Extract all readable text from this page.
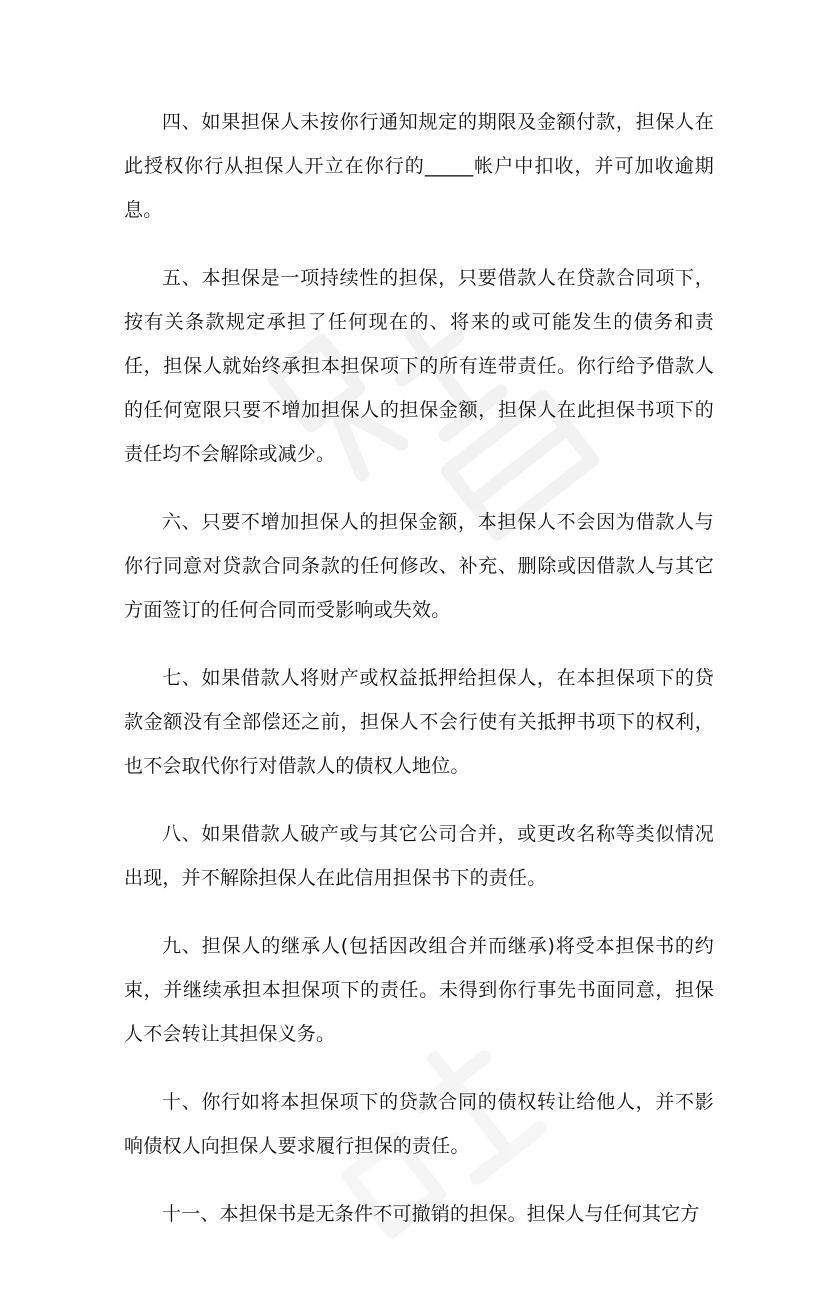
四、如果担保人未按你行通知规定的期限及金额付款，担保人在此授权你行从担保人开立在你行的_____帐户中扣收，并可加收逾期息。

五、本担保是一项持续性的担保，只要借款人在贷款合同项下，按有关条款规定承担了任何现在的、将来的或可能发生的债务和责任，担保人就始终承担本担保项下的所有连带责任。你行给予借款人的任何宽限只要不增加担保人的担保金额，担保人在此担保书项下的责任均不会解除或减少。

六、只要不增加担保人的担保金额，本担保人不会因为借款人与你行同意对贷款合同条款的任何修改、补充、删除或因借款人与其它方面签订的任何合同而受影响或失效。

七、如果借款人将财产或权益抵押给担保人，在本担保项下的贷款金额没有全部偿还之前，担保人不会行使有关抵押书项下的权利，也不会取代你行对借款人的债权人地位。

八、如果借款人破产或与其它公司合并，或更改名称等类似情况出现，并不解除担保人在此信用担保书下的责任。

九、担保人的继承人(包括因改组合并而继承)将受本担保书的约束，并继续承担本担保项下的责任。未得到你行事先书面同意，担保人不会转让其担保义务。

十、你行如将本担保项下的贷款合同的债权转让给他人，并不影响债权人向担保人要求履行担保的责任。

十一、本担保书是无条件不可撤销的担保。担保人与任何其它方
